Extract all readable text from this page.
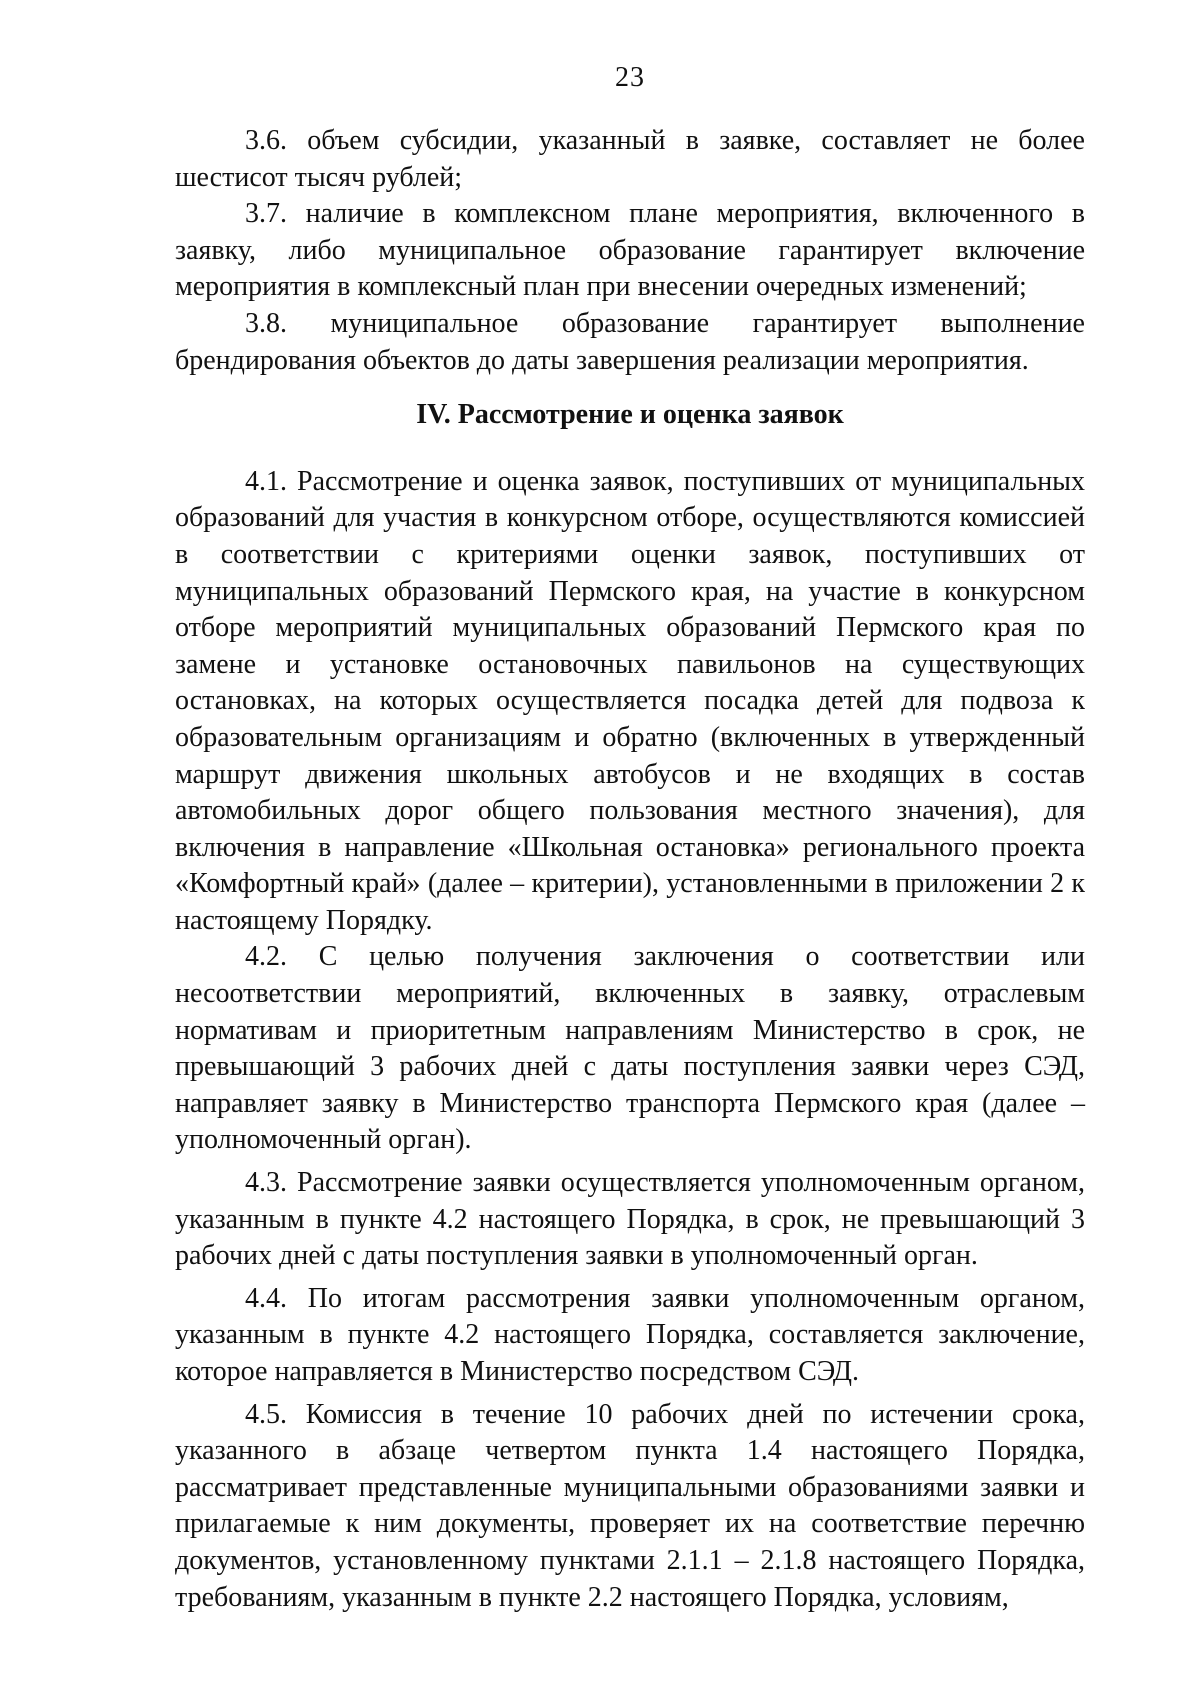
23

3.6. объем субсидии, указанный в заявке, составляет не более шестисот тысяч рублей;

3.7. наличие в комплексном плане мероприятия, включенного в заявку, либо муниципальное образование гарантирует включение мероприятия в комплексный план при внесении очередных изменений;

3.8. муниципальное образование гарантирует выполнение брендирования объектов до даты завершения реализации мероприятия.

IV. Рассмотрение и оценка заявок

4.1. Рассмотрение и оценка заявок, поступивших от муниципальных образований для участия в конкурсном отборе, осуществляются комиссией в соответствии с критериями оценки заявок, поступивших от муниципальных образований Пермского края, на участие в конкурсном отборе мероприятий муниципальных образований Пермского края по замене и установке остановочных павильонов на существующих остановках, на которых осуществляется посадка детей для подвоза к образовательным организациям и обратно (включенных в утвержденный маршрут движения школьных автобусов и не входящих в состав автомобильных дорог общего пользования местного значения), для включения в направление «Школьная остановка» регионального проекта «Комфортный край» (далее – критерии), установленными в приложении 2 к настоящему Порядку.

4.2. С целью получения заключения о соответствии или несоответствии мероприятий, включенных в заявку, отраслевым нормативам и приоритетным направлениям Министерство в срок, не превышающий 3 рабочих дней с даты поступления заявки через СЭД, направляет заявку в Министерство транспорта Пермского края (далее – уполномоченный орган).

4.3. Рассмотрение заявки осуществляется уполномоченным органом, указанным в пункте 4.2 настоящего Порядка, в срок, не превышающий 3 рабочих дней с даты поступления заявки в уполномоченный орган.

4.4. По итогам рассмотрения заявки уполномоченным органом, указанным в пункте 4.2 настоящего Порядка, составляется заключение, которое направляется в Министерство посредством СЭД.

4.5. Комиссия в течение 10 рабочих дней по истечении срока, указанного в абзаце четвертом пункта 1.4 настоящего Порядка, рассматривает представленные муниципальными образованиями заявки и прилагаемые к ним документы, проверяет их на соответствие перечню документов, установленному пунктами 2.1.1 – 2.1.8 настоящего Порядка, требованиям, указанным в пункте 2.2 настоящего Порядка, условиям,
